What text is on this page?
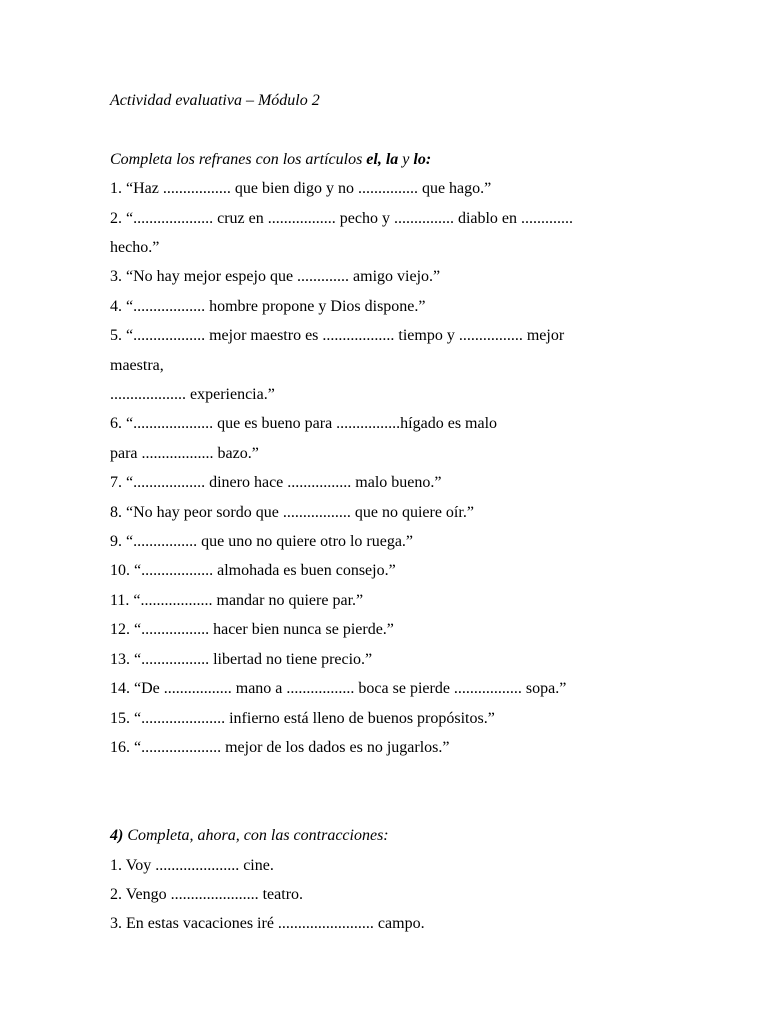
Actividad evaluativa – Módulo 2

Completa los refranes con los artículos el, la y lo:

1. “Haz ................. que bien digo y no ............... que hago.”

2. “.................... cruz en ................. pecho y ............... diablo en .............

hecho.”

3. “No hay mejor espejo que ............. amigo viejo.”

4. “.................. hombre propone y Dios dispone.”

5. “.................. mejor maestro es .................. tiempo y ................ mejor

maestra,

................... experiencia.”

6. “.................... que es bueno para ................hígado es malo

para .................. bazo.”

7. “.................. dinero hace ................ malo bueno.”

8. “No hay peor sordo que ................. que no quiere oír.”

9. “................ que uno no quiere otro lo ruega.”

10. “.................. almohada es buen consejo.”

11. “.................. mandar no quiere par.”

12. “................. hacer bien nunca se pierde.”

13. “................. libertad no tiene precio.”

14. “De ................. mano a ................. boca se pierde ................. sopa.”

15. “..................... infierno está lleno de buenos propósitos.”

16. “.................... mejor de los dados es no jugarlos.”

4) Completa, ahora, con las contracciones:

1. Voy ..................... cine.

2. Vengo ...................... teatro.

3. En estas vacaciones iré ........................ campo.
